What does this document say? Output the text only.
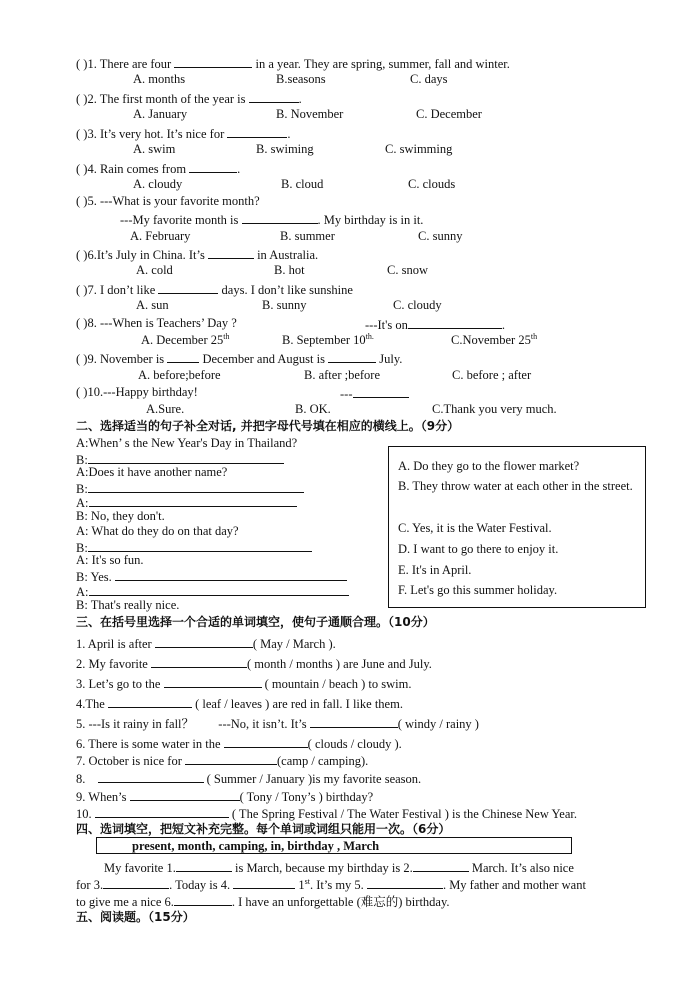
( )1. There are four	in a year. They are spring, summer, fall and winter.
A. months	B.seasons	C. days
( )2. The first month of the year is	.
A. January	B. November	C. December
( )3. It’s very hot. It’s nice for	.
A. swim	B. swiming	C. swimming
( )4. Rain comes from	.
A. cloudy	B. cloud	C. clouds
( )5. ---What is your favorite month?
---My favorite month is	. My birthday is in it.
A. February	B. summer	C. sunny
( )6.It’s July in China. It’s	in Australia.
A. cold	B. hot	C. snow
( )7. I don’t like	days. I don’t like sunshine
A. sun	B. sunny	C. cloudy
( )8. ---When is Teachers’ Day ?	---It's on	.
A. December 25th	B. September $10^{th.}$	C.November 25th
( )9. November is	December and August is	July.
A. before;before	B. after ;before	C. before ; after
( )10.---Happy birthday!	---
A.Sure.	B. OK.	C.Thank you very much.
二、选择适当的句子补全对话, 并把字母代号填在相应的横线上。（9分）
A:When’ s the New Year's Day in Thailand?
B:
A:Does it have another name?
B:
A:
B: No, they don't.
A: What do they do on that day?
B:
A: It's so fun.
B: Yes.
A:
B: That's really nice.
A. Do they go to the flower market?
B. They throw water at each other in the street.
C. Yes, it is the Water Festival.
D. I want to go there to enjoy it.
E. It's in April.
F. Let's go this summer holiday.
三、在括号里选择一个合适的单词填空，使句子通顺合理。（10分）
1. April is after	( May / March ).
2. My favorite	( month / months ) are June and July.
3. Let’s go to the	( mountain / beach ) to swim.
4.The	( leaf / leaves ) are red in fall. I like them.
5. ---Is it rainy in fall？ ---No, it isn’t. It’s	( windy / rainy )
6. There is some water in the	( clouds / cloudy ).
7. October is nice for	(camp / camping).
8.	( Summer / January )is my favorite season.
9. When’s	( Tony / Tony’s ) birthday?
10.	( The Spring Festival / The Water Festival ) is the Chinese New Year.
四、选词填空，把短文补充完整。每个单词或词组只能用一次。（6分）
present, month, camping, in, birthday , March
My favorite 1.	is March, because my birthday is 2.	March. It’s also nice
for 3.	. Today is 4.	1st. It’s my 5.	. My father and mother want
to give me a nice 6.	. I have an unforgettable (难忘的) birthday.
五、阅读题。（15分）
